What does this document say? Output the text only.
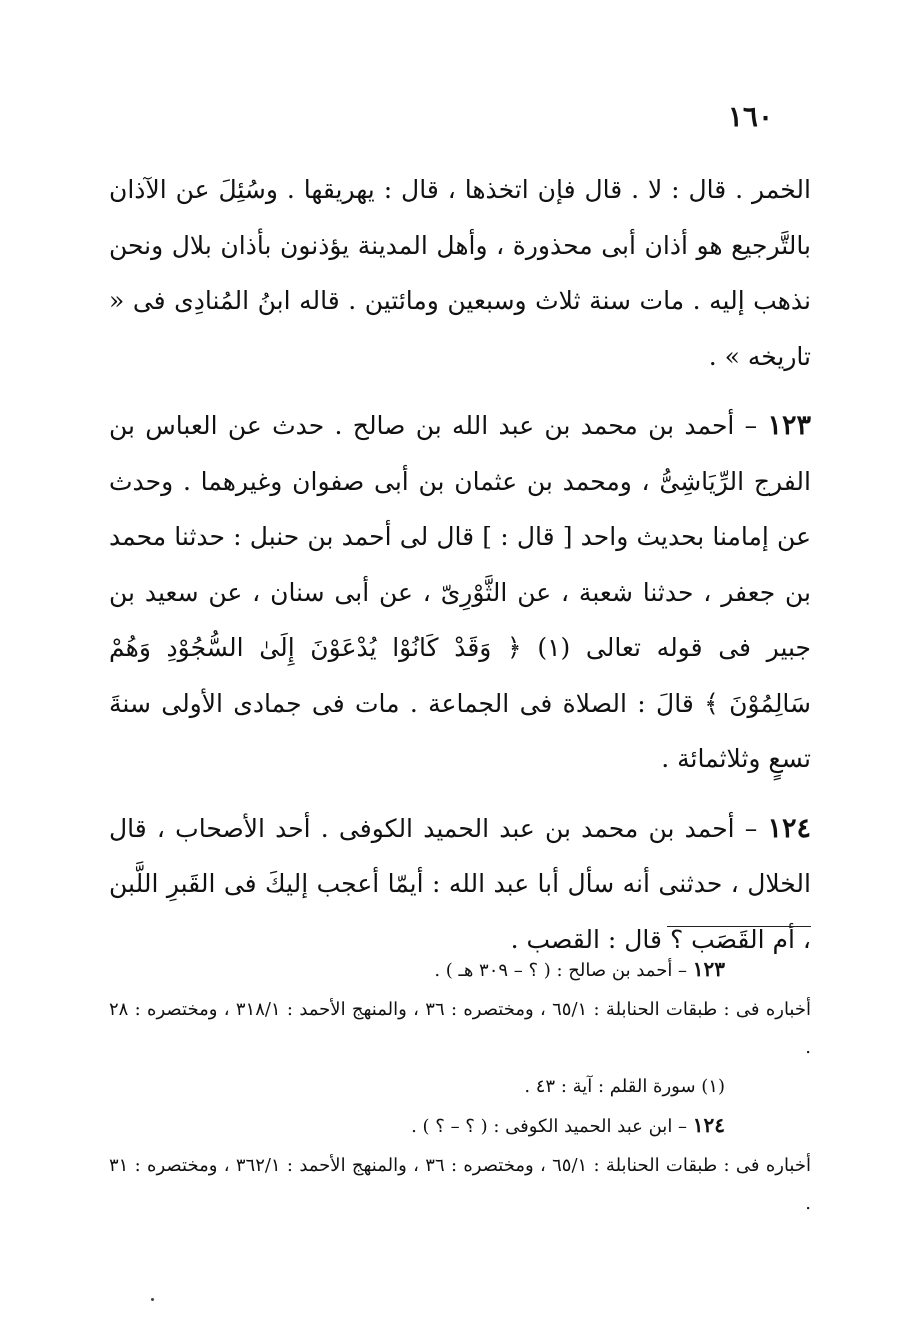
١٦٠

الخمر . قال : لا . قال فإن اتخذها ، قال : يهريقها . وسُئِلَ عن الآذان بالتَّرجيع هو أذان أبى محذورة ، وأهل المدينة يؤذنون بأذان بلال ونحن نذهب إليه . مات سنة ثلاث وسبعين ومائتين . قاله ابنُ المُنادِى فى « تاريخه » .

١٢٣ – أحمد بن محمد بن عبد الله بن صالح . حدث عن العباس بن الفرج الرِّيَاشِىُّ ، ومحمد بن عثمان بن أبى صفوان وغيرهما . وحدث عن إمامنا بحديث واحد [ قال : ] قال لى أحمد بن حنبل : حدثنا محمد بن جعفر ، حدثنا شعبة ، عن الثَّوْرِىّ ، عن أبى سنان ، عن سعيد بن جبير فى قوله تعالى (١) ﴿ وَقَدْ كَانُوْا يُدْعَوْنَ إِلَىٰ السُّجُوْدِ وَهُمْ سَالِمُوْنَ ﴾ قالَ : الصلاة فى الجماعة . مات فى جمادى الأولى سنةَ تسعٍ وثلاثمائة .

١٢٤ – أحمد بن محمد بن عبد الحميد الكوفى . أحد الأصحاب ، قال الخلال ، حدثنى أنه سأل أبا عبد الله : أيمّا أعجب إليكَ فى القَبرِ اللَّبن ، أم القَصَب ؟ قال : القصب .

١٢٣ – أحمد بن صالح : ( ؟ – ٣٠٩ هـ ) .

أخباره فى : طبقات الحنابلة : ٦٥/١ ، ومختصره : ٣٦ ، والمنهج الأحمد : ٣١٨/١ ، ومختصره : ٢٨ .

(١) سورة القلم : آية : ٤٣ .

١٢٤ – ابن عبد الحميد الكوفى : ( ؟ – ؟ ) .

أخباره فى : طبقات الحنابلة : ٦٥/١ ، ومختصره : ٣٦ ، والمنهج الأحمد : ٣٦٢/١ ، ومختصره : ٣١ .
